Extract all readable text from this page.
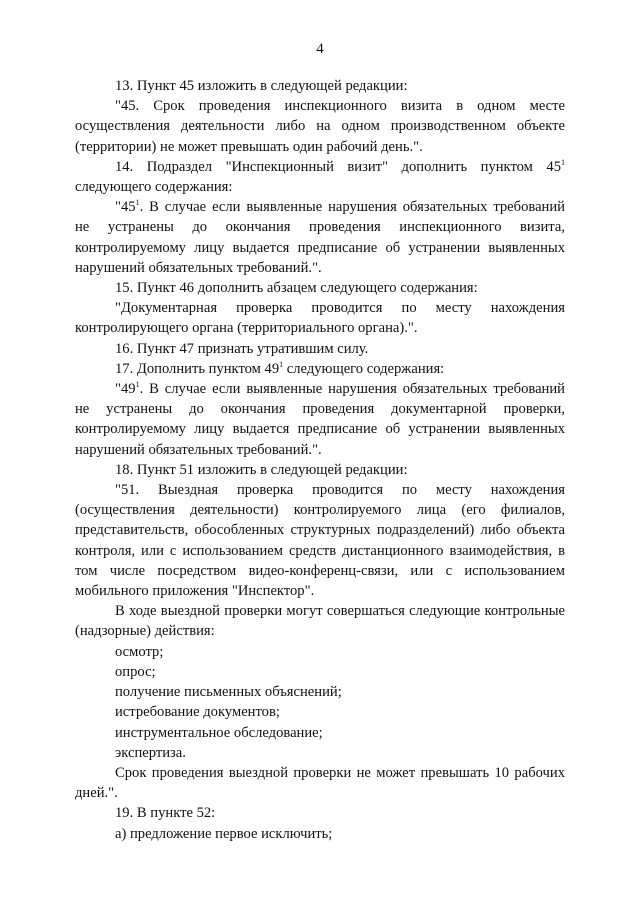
4

13. Пункт 45 изложить в следующей редакции:

"45. Срок проведения инспекционного визита в одном месте осуществления деятельности либо на одном производственном объекте (территории) не может превышать один рабочий день.".

14. Подраздел "Инспекционный визит" дополнить пунктом $45^1$ следующего содержания:

"$45^1$. В случае если выявленные нарушения обязательных требований не устранены до окончания проведения инспекционного визита, контролируемому лицу выдается предписание об устранении выявленных нарушений обязательных требований.".

15. Пункт 46 дополнить абзацем следующего содержания:

"Документарная проверка проводится по месту нахождения контролирующего органа (территориального органа).".

16. Пункт 47 признать утратившим силу.

17. Дополнить пунктом $49^1$ следующего содержания:

"$49^1$. В случае если выявленные нарушения обязательных требований не устранены до окончания проведения документарной проверки, контролируемому лицу выдается предписание об устранении выявленных нарушений обязательных требований.".

18. Пункт 51 изложить в следующей редакции:

"51. Выездная проверка проводится по месту нахождения (осуществления деятельности) контролируемого лица (его филиалов, представительств, обособленных структурных подразделений) либо объекта контроля, или с использованием средств дистанционного взаимодействия, в том числе посредством видео-конференц-связи, или с использованием мобильного приложения "Инспектор".

В ходе выездной проверки могут совершаться следующие контрольные (надзорные) действия:

осмотр;

опрос;

получение письменных объяснений;

истребование документов;

инструментальное обследование;

экспертиза.

Срок проведения выездной проверки не может превышать 10 рабочих дней.".

19. В пункте 52:

а) предложение первое исключить;
